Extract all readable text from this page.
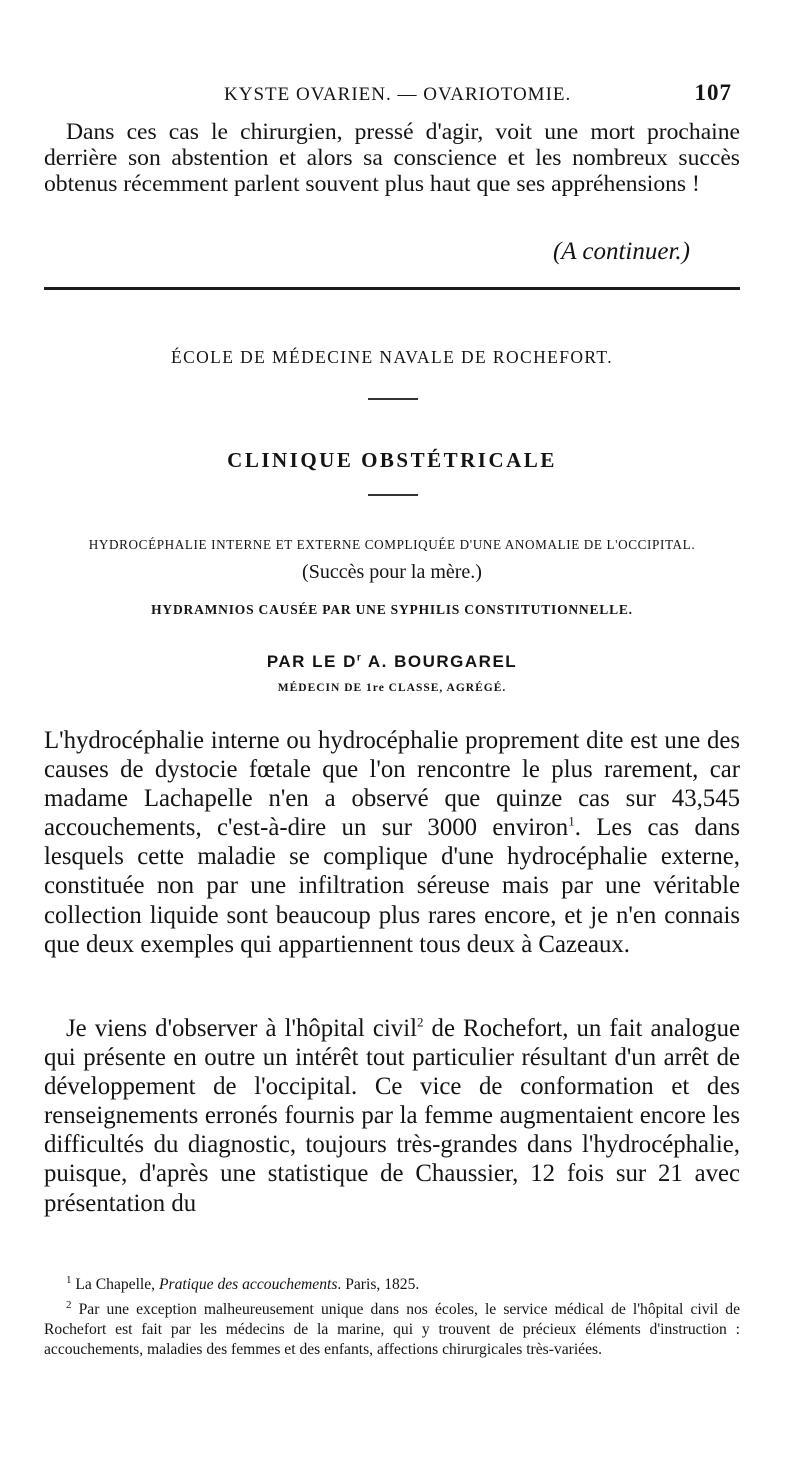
KYSTE OVARIEN. — OVARIOTOMIE.	107
Dans ces cas le chirurgien, pressé d'agir, voit une mort prochaine derrière son abstention et alors sa conscience et les nombreux succès obtenus récemment parlent souvent plus haut que ses appréhensions !
(A continuer.)
ÉCOLE DE MÉDECINE NAVALE DE ROCHEFORT.
CLINIQUE OBSTÉTRICALE
HYDROCÉPHALIE INTERNE ET EXTERNE COMPLIQUÉE D'UNE ANOMALIE DE L'OCCIPITAL.
(Succès pour la mère.)
HYDRAMNIOS CAUSÉE PAR UNE SYPHILIS CONSTITUTIONNELLE.
PAR LE $D^r$ A. BOURGAREL
MÉDECIN DE 1re CLASSE, AGRÉGÉ.
L'hydrocéphalie interne ou hydrocéphalie proprement dite est une des causes de dystocie fœtale que l'on rencontre le plus rarement, car madame Lachapelle n'en a observé que quinze cas sur 43,545 accouchements, c'est-à-dire un sur 3000 environ$^1$. Les cas dans lesquels cette maladie se complique d'une hydrocéphalie externe, constituée non par une infiltration séreuse mais par une véritable collection liquide sont beaucoup plus rares encore, et je n'en connais que deux exemples qui appartiennent tous deux à Cazeaux.
Je viens d'observer à l'hôpital civil$^2$ de Rochefort, un fait analogue qui présente en outre un intérêt tout particulier résultant d'un arrêt de développement de l'occipital. Ce vice de conformation et des renseignements erronés fournis par la femme augmentaient encore les difficultés du diagnostic, toujours très-grandes dans l'hydrocéphalie, puisque, d'après une statistique de Chaussier, 12 fois sur 21 avec présentation du
$^1$ La Chapelle, Pratique des accouchements. Paris, 1825.
$^2$ Par une exception malheureusement unique dans nos écoles, le service médical de l'hôpital civil de Rochefort est fait par les médecins de la marine, qui y trouvent de précieux éléments d'instruction : accouchements, maladies des femmes et des enfants, affections chirurgicales très-variées.
